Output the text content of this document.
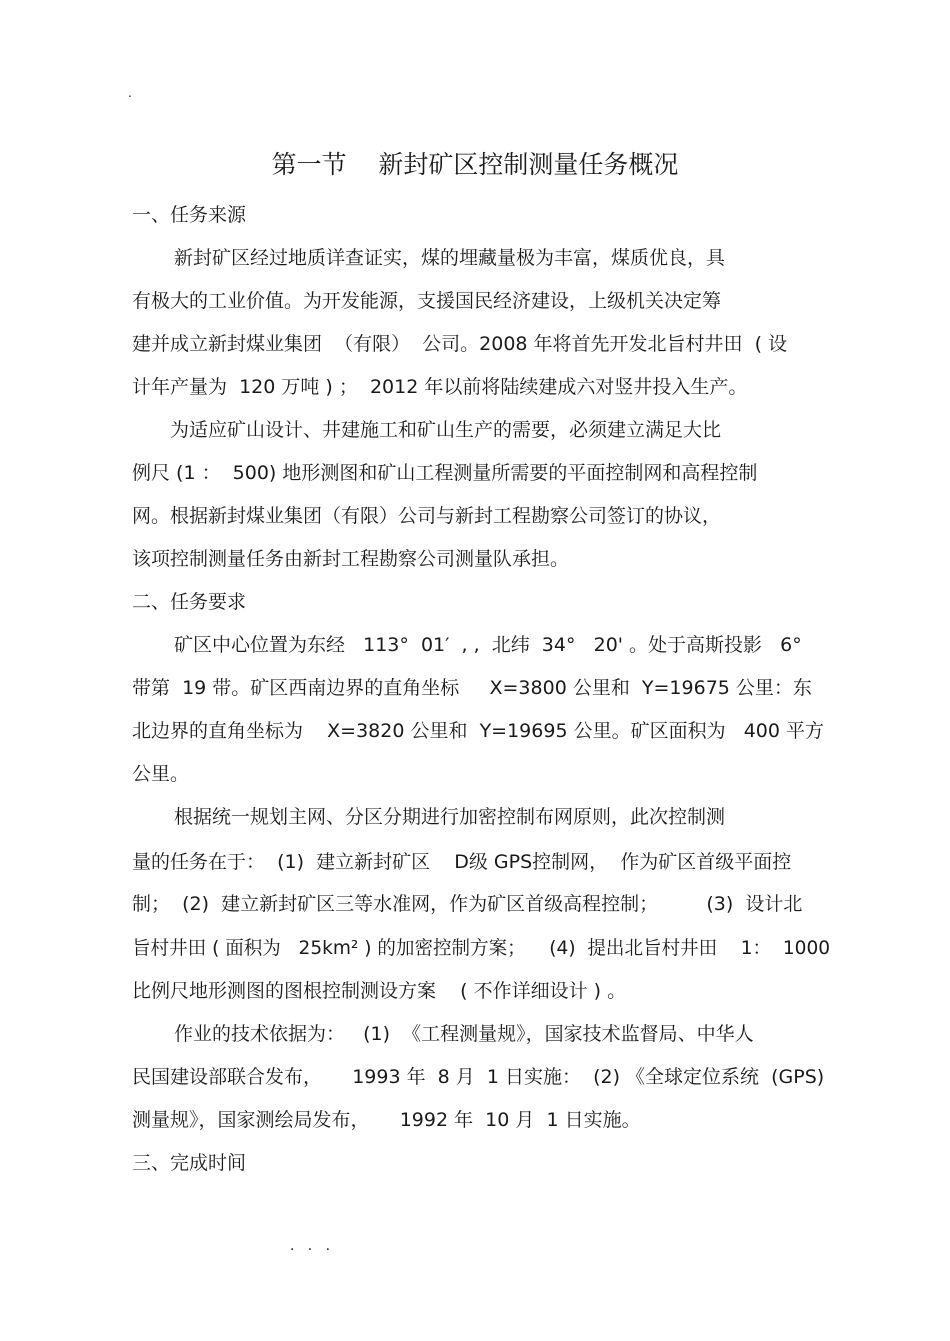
.
第一节    新封矿区控制测量任务概况
一、任务来源
新封矿区经过地质详查证实，煤的埋藏量极为丰富，煤质优良，具
有极大的工业价值。为开发能源，支援国民经济建设，上级机关决定筹
建并成立新封煤业集团  （有限）  公司。2008 年将首先开发北旨村井田  ( 设
计年产量为  120 万吨 ) ；  2012 年以前将陆续建成六对竖井投入生产。
为适应矿山设计、井建施工和矿山生产的需要，必须建立满足大比
例尺 (1 ：  500) 地形测图和矿山工程测量所需要的平面控制网和高程控制
网。根据新封煤业集团（有限）公司与新封工程勘察公司签订的协议，
该项控制测量任务由新封工程勘察公司测量队承担。
二、任务要求
矿区中心位置为东经   113°  01′  , ,  北纬  34°   20' 。处于高斯投影   6°
带第  19 带。矿区西南边界的直角坐标     X=3800 公里和  Y=19675 公里：东
北边界的直角坐标为    X=3820 公里和  Y=19695 公里。矿区面积为   400 平方
公里。
根据统一规划主网、分区分期进行加密控制布网原则，此次控制测
量的任务在于：  (1)  建立新封矿区    D级 GPS控制网，  作为矿区首级平面控
制；  (2)  建立新封矿区三等水准网，作为矿区首级高程控制；        (3)  设计北
旨村井田 ( 面积为   25km² ) 的加密控制方案；    (4)  提出北旨村井田    1：  1000
比例尺地形测图的图根控制测设方案    ( 不作详细设计 ) 。
作业的技术依据为：   (1)  《工程测量规》，国家技术监督局、中华人
民国建设部联合发布，     1993 年  8 月  1 日实施：  (2) 《全球定位系统  (GPS)
测量规》，国家测绘局发布，     1992 年  10 月  1 日实施。
三、完成时间
.   .   .
